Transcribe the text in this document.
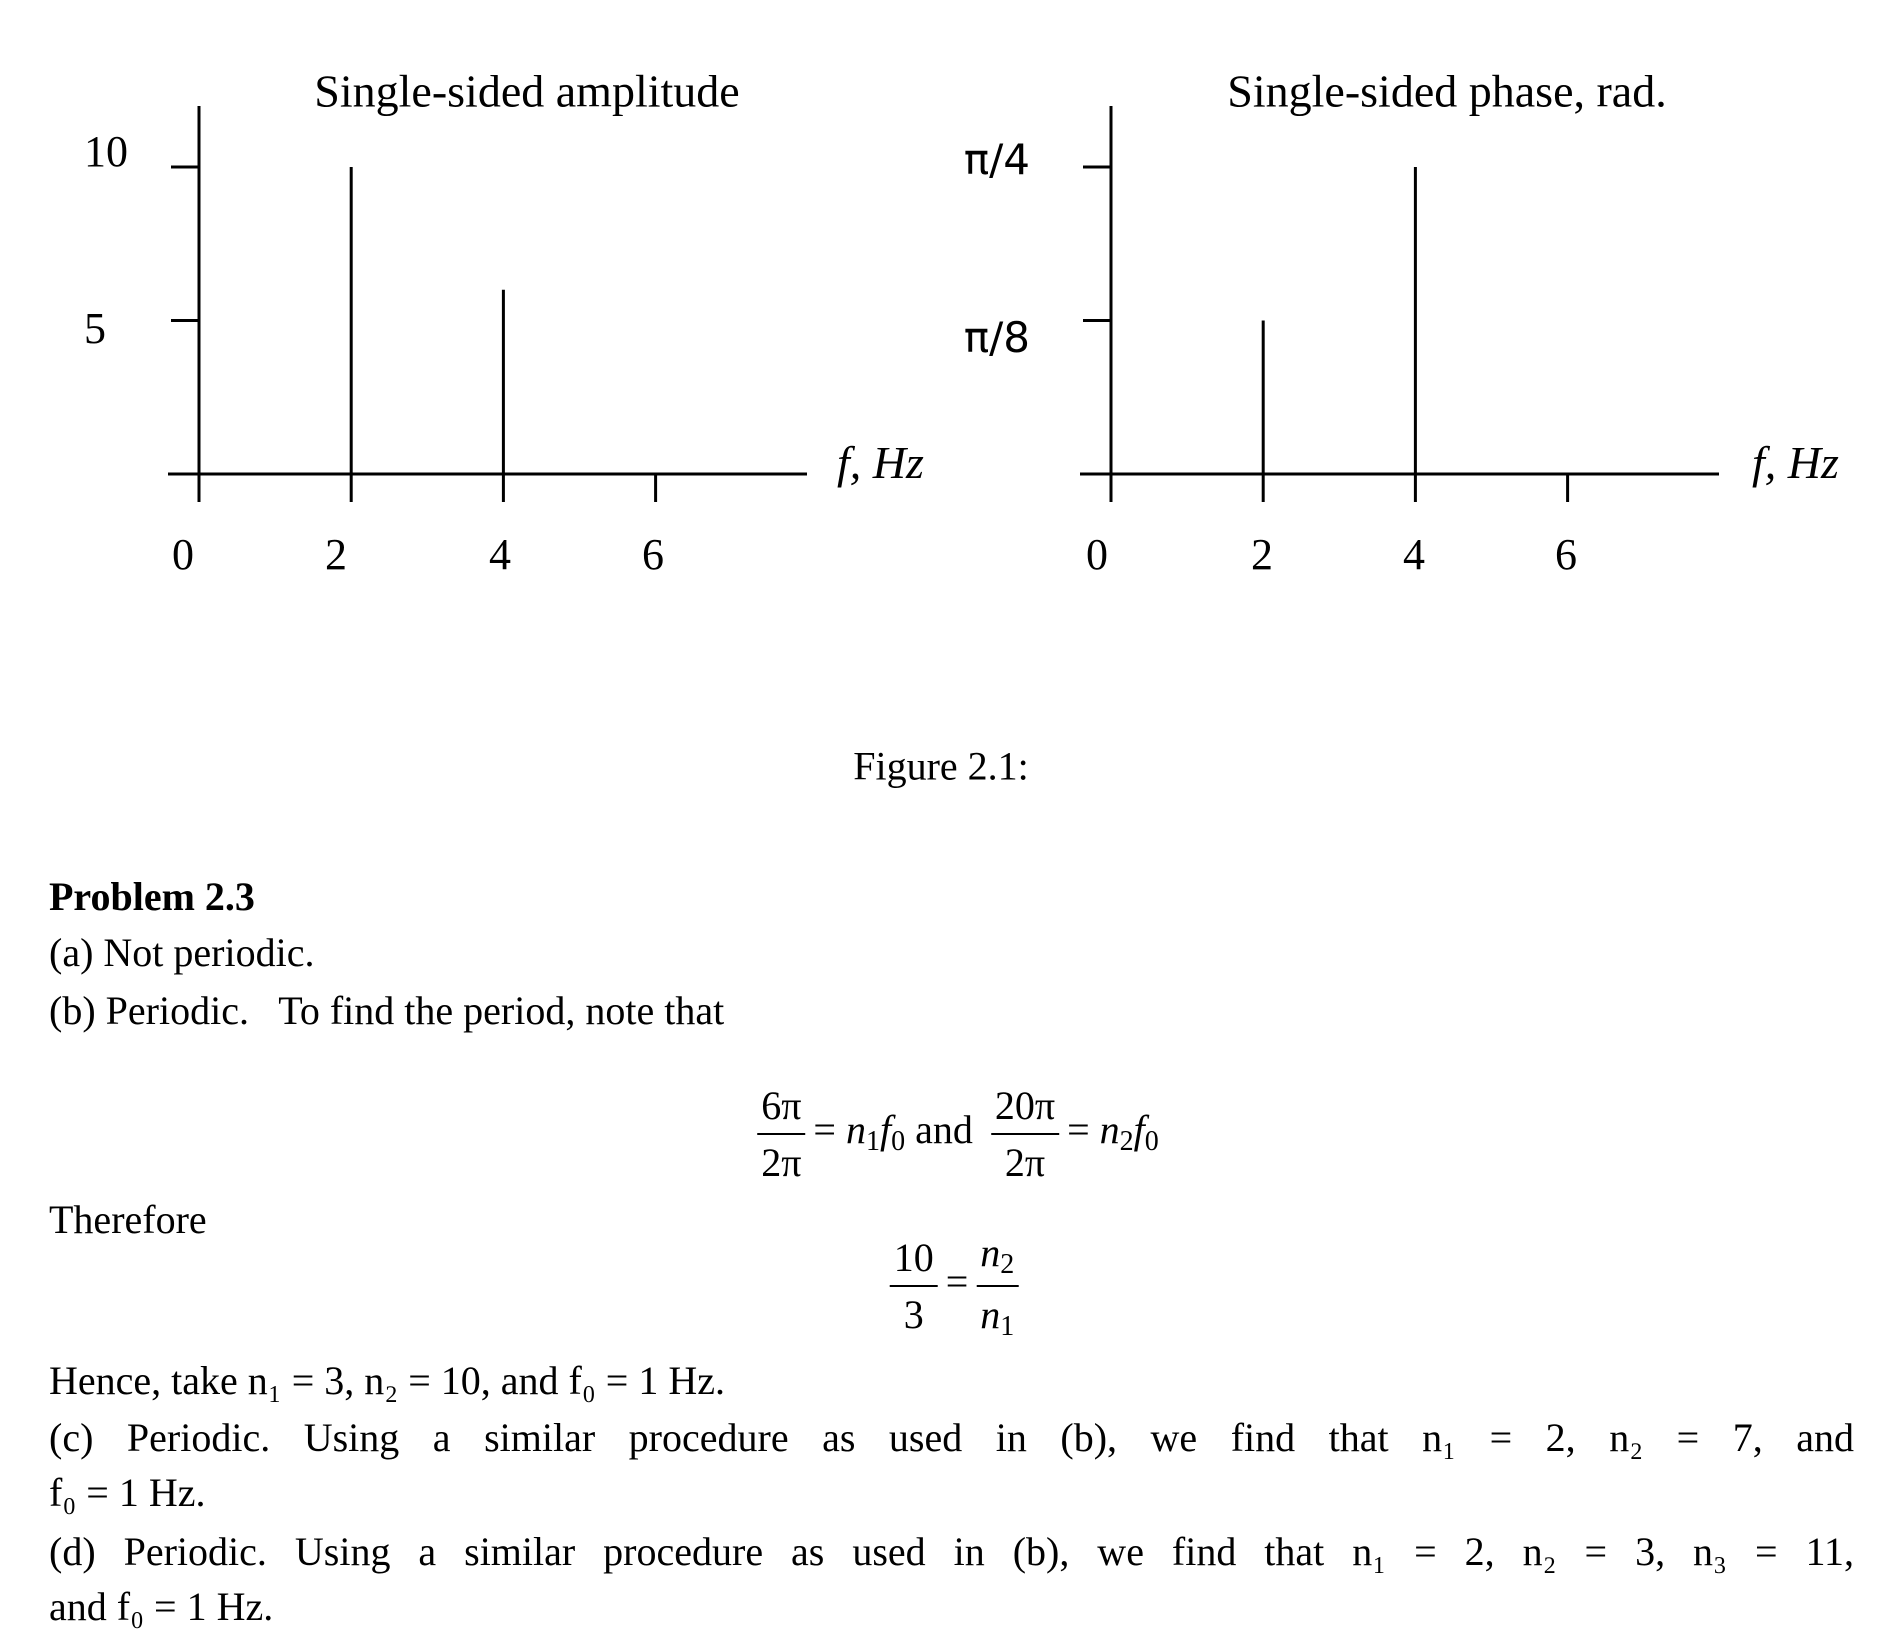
Single-sided amplitude
10
5
0	2	4	6
f, Hz
Single-sided phase, rad.
π/4
π/8
0	2	4	6
f, Hz
Figure 2.1:
Problem 2.3
(a) Not periodic.
(b) Periodic.   To find the period, note that
$\frac{6\pi}{2\pi} = n_1f_0$ and $\frac{20\pi}{2\pi} = n_2f_0$
Therefore
$\frac{10}{3} = \frac{n_2}{n_1}$
Hence, take n₁ = 3, n₂ = 10, and f₀ = 1 Hz.
(c) Periodic. Using a similar procedure as used in (b), we find that n₁ = 2, n₂ = 7, and
f₀ = 1 Hz.
(d) Periodic. Using a similar procedure as used in (b), we find that n₁ = 2, n₂ = 3, n₃ = 11,
and f₀ = 1 Hz.
